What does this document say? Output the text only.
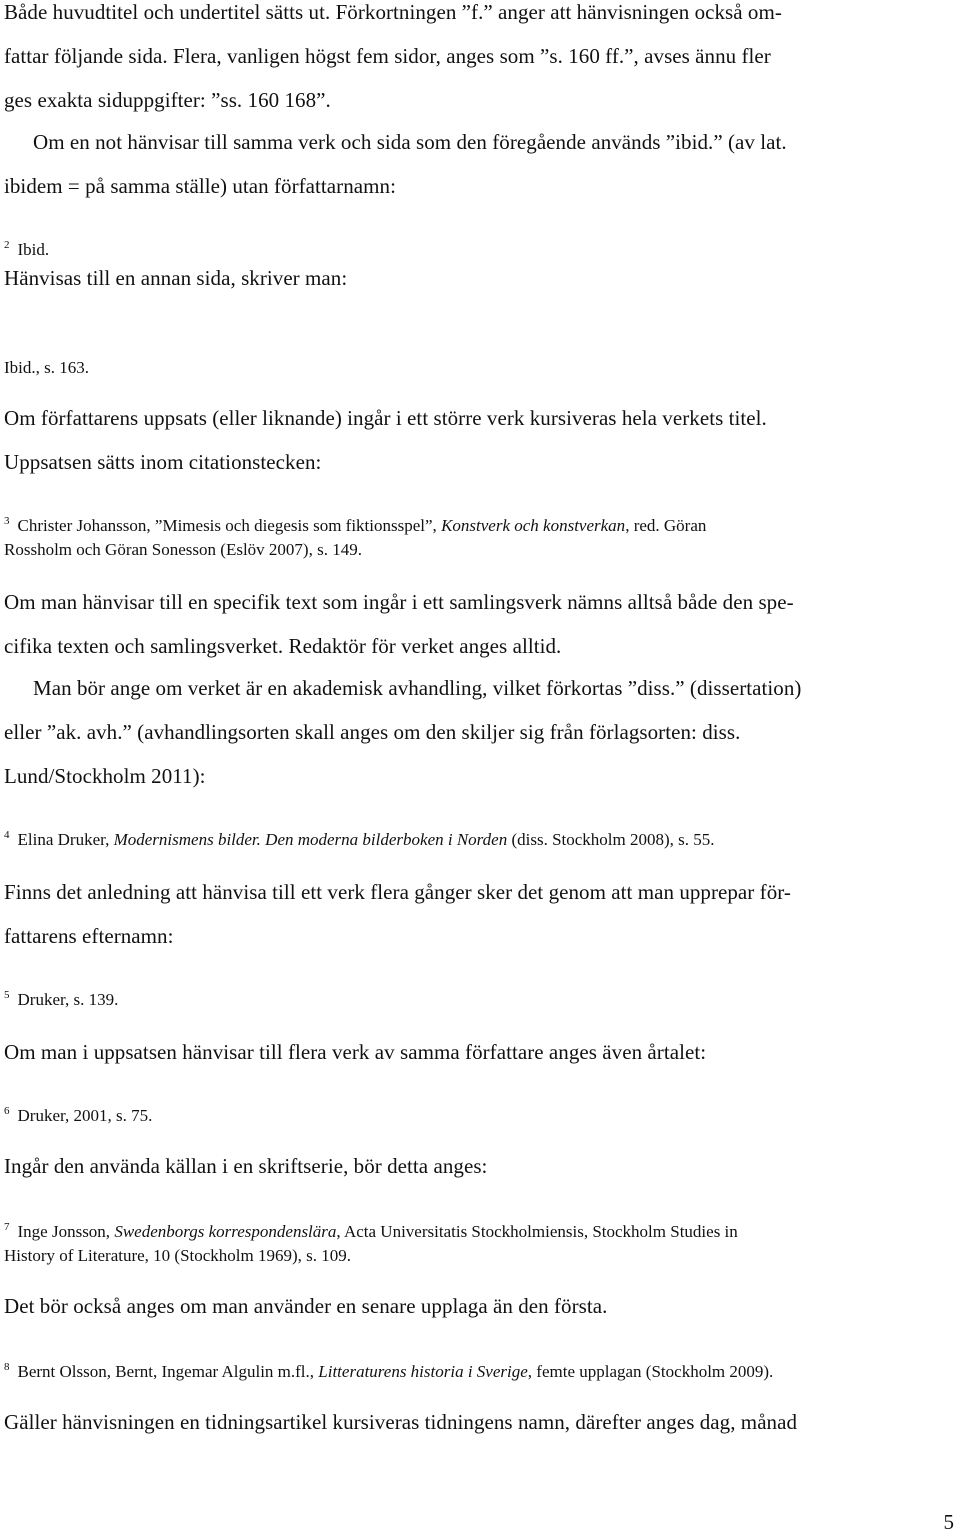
Både huvudtitel och undertitel sätts ut. Förkortningen ”f.” anger att hänvisningen också om-
fattar följande sida. Flera, vanligen högst fem sidor, anges som ”s. 160 ff.”, avses ännu fler
ges exakta siduppgifter: ”ss. 160 168”.

Om en not hänvisar till samma verk och sida som den föregående används ”ibid.” (av lat.

ibidem = på samma ställe) utan författarnamn:

$^2$ Ibid.

Hänvisas till en annan sida, skriver man:

Ibid., s. 163.

Om författarens uppsats (eller liknande) ingår i ett större verk kursiveras hela verkets titel.
Uppsatsen sätts inom citationstecken:

$^3$ Christer Johansson, ”Mimesis och diegesis som fiktionsspel”, Konstverk och konstverkan, red. Göran
Rossholm och Göran Sonesson (Eslöv 2007), s. 149.

Om man hänvisar till en specifik text som ingår i ett samlingsverk nämns alltså både den spe-
cifika texten och samlingsverket. Redaktör för verket anges alltid.

Man bör ange om verket är en akademisk avhandling, vilket förkortas ”diss.” (dissertation)

eller ”ak. avh.” (avhandlingsorten skall anges om den skiljer sig från förlagsorten: diss.
Lund/Stockholm 2011):

$^4$ Elina Druker, Modernismens bilder. Den moderna bilderboken i Norden (diss. Stockholm 2008), s. 55.

Finns det anledning att hänvisa till ett verk flera gånger sker det genom att man upprepar för-
fattarens efternamn:

$^5$ Druker, s. 139.

Om man i uppsatsen hänvisar till flera verk av samma författare anges även årtalet:

$^6$ Druker, 2001, s. 75.

Ingår den använda källan i en skriftserie, bör detta anges:

$^7$ Inge Jonsson, Swedenborgs korrespondenslära, Acta Universitatis Stockholmiensis, Stockholm Studies in
History of Literature, 10 (Stockholm 1969), s. 109.

Det bör också anges om man använder en senare upplaga än den första.

$^8$ Bernt Olsson, Bernt, Ingemar Algulin m.fl., Litteraturens historia i Sverige, femte upplagan (Stockholm 2009).

Gäller hänvisningen en tidningsartikel kursiveras tidningens namn, därefter anges dag, månad

5
